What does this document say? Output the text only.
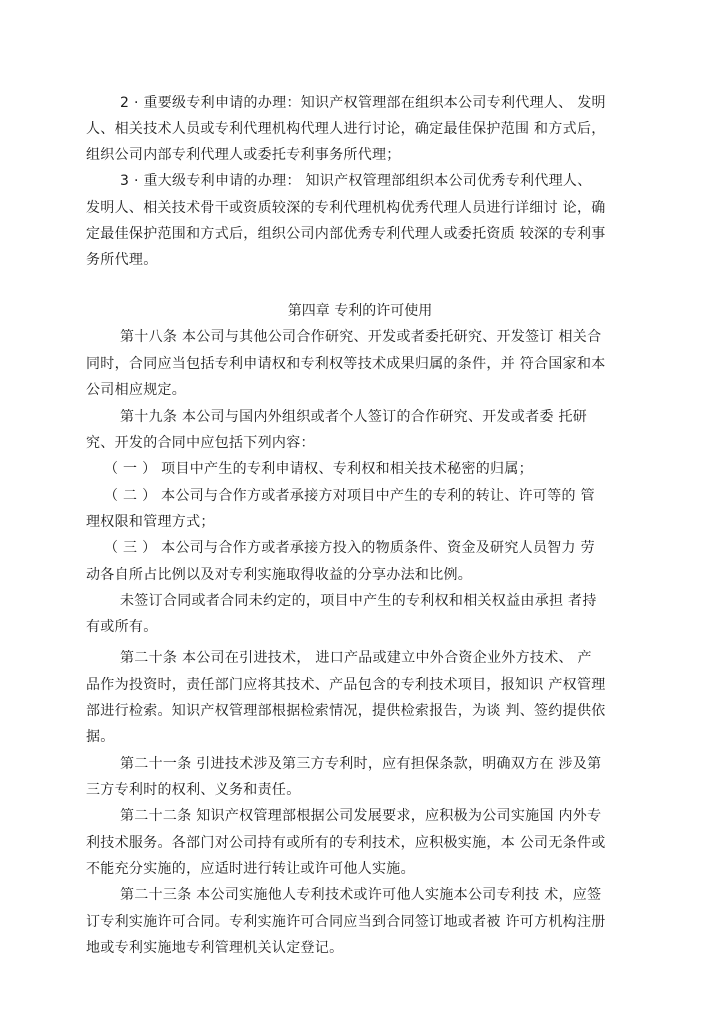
2 · 重要级专利申请的办理：知识产权管理部在组织本公司专利代理人、 发明
人、相关技术人员或专利代理机构代理人进行讨论，确定最佳保护范围 和方式后，
组织公司内部专利代理人或委托专利事务所代理；
3 · 重大级专利申请的办理： 知识产权管理部组织本公司优秀专利代理人、
发明人、相关技术骨干或资质较深的专利代理机构优秀代理人员进行详细讨 论，确
定最佳保护范围和方式后，组织公司内部优秀专利代理人或委托资质 较深的专利事
务所代理。
第四章 专利的许可使用
第十八条 本公司与其他公司合作研究、开发或者委托研究、开发签订 相关合
同时，合同应当包括专利申请权和专利权等技术成果归属的条件，并 符合国家和本
公司相应规定。
第十九条 本公司与国内外组织或者个人签订的合作研究、开发或者委 托研
究、开发的合同中应包括下列内容：
（ 一 ） 项目中产生的专利申请权、专利权和相关技术秘密的归属；
（ 二 ） 本公司与合作方或者承接方对项目中产生的专利的转让、许可等的 管
理权限和管理方式；
（ 三 ） 本公司与合作方或者承接方投入的物质条件、资金及研究人员智力 劳
动各自所占比例以及对专利实施取得收益的分享办法和比例。
未签订合同或者合同未约定的，项目中产生的专利权和相关权益由承担 者持
有或所有。
第二十条 本公司在引进技术， 进口产品或建立中外合资企业外方技术、 产
品作为投资时，责任部门应将其技术、产品包含的专利技术项目，报知识 产权管理
部进行检索。知识产权管理部根据检索情况，提供检索报告，为谈 判、签约提供依
据。
第二十一条 引进技术涉及第三方专利时，应有担保条款，明确双方在 涉及第
三方专利时的权利、义务和责任。
第二十二条 知识产权管理部根据公司发展要求，应积极为公司实施国 内外专
利技术服务。各部门对公司持有或所有的专利技术，应积极实施，本 公司无条件或
不能充分实施的，应适时进行转让或许可他人实施。
第二十三条 本公司实施他人专利技术或许可他人实施本公司专利技 术，应签
订专利实施许可合同。专利实施许可合同应当到合同签订地或者被 许可方机构注册
地或专利实施地专利管理机关认定登记。
